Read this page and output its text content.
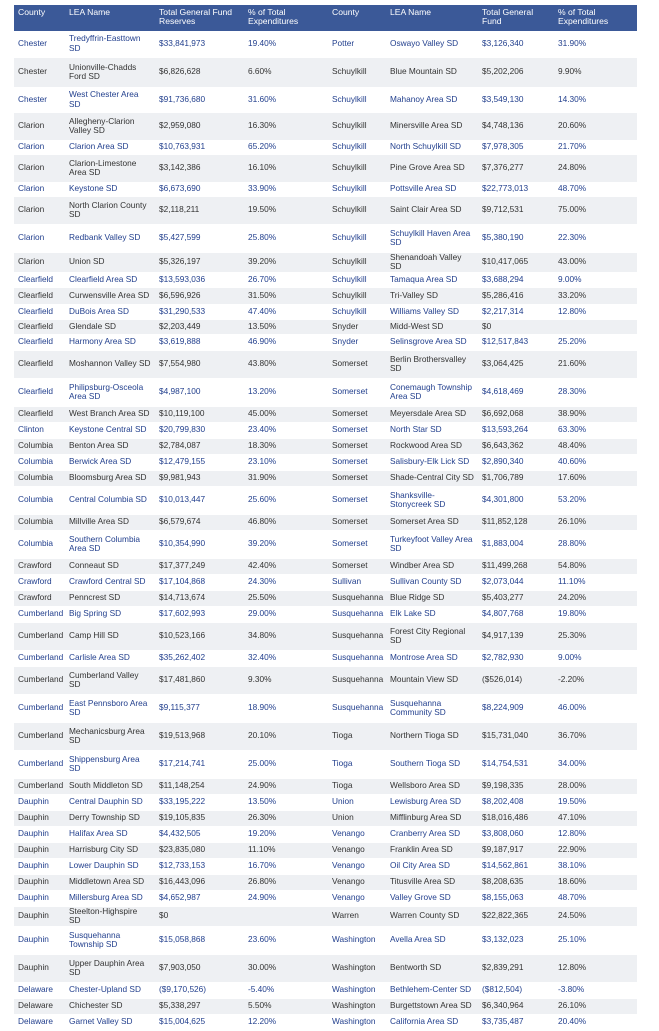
County	LEA Name	Total General Fund Reserves	% of Total Expenditures	County	LEA Name	Total General Fund	% of Total Expenditures
Chester	Tredyffrin-Easttown SD	$33,841,973	19.40%	Potter	Oswayo Valley SD	$3,126,340	31.90%
Chester	Unionville-Chadds Ford SD	$6,826,628	6.60%	Schuylkill	Blue Mountain SD	$5,202,206	9.90%
Chester	West Chester Area SD	$91,736,680	31.60%	Schuylkill	Mahanoy Area SD	$3,549,130	14.30%
Clarion	Allegheny-Clarion Valley SD	$2,959,080	16.30%	Schuylkill	Minersville Area SD	$4,748,136	20.60%
Clarion	Clarion Area SD	$10,763,931	65.20%	Schuylkill	North Schuylkill SD	$7,978,305	21.70%
Clarion	Clarion-Limestone Area SD	$3,142,386	16.10%	Schuylkill	Pine Grove Area SD	$7,376,277	24.80%
Clarion	Keystone SD	$6,673,690	33.90%	Schuylkill	Pottsville Area SD	$22,773,013	48.70%
Clarion	North Clarion County SD	$2,118,211	19.50%	Schuylkill	Saint Clair Area SD	$9,712,531	75.00%
Clarion	Redbank Valley SD	$5,427,599	25.80%	Schuylkill	Schuylkill Haven Area SD	$5,380,190	22.30%
Clarion	Union SD	$5,326,197	39.20%	Schuylkill	Shenandoah Valley SD	$10,417,065	43.00%
Clearfield	Clearfield Area SD	$13,593,036	26.70%	Schuylkill	Tamaqua Area SD	$3,688,294	9.00%
Clearfield	Curwensville Area SD	$6,596,926	31.50%	Schuylkill	Tri-Valley SD	$5,286,416	33.20%
Clearfield	DuBois Area SD	$31,290,533	47.40%	Schuylkill	Williams Valley SD	$2,217,314	12.80%
Clearfield	Glendale SD	$2,203,449	13.50%	Snyder	Midd-West SD	$0	
Clearfield	Harmony Area SD	$3,619,888	46.90%	Snyder	Selinsgrove Area SD	$12,517,843	25.20%
Clearfield	Moshannon Valley SD	$7,554,980	43.80%	Somerset	Berlin Brothersvalley SD	$3,064,425	21.60%
Clearfield	Philipsburg-Osceola Area SD	$4,987,100	13.20%	Somerset	Conemaugh Township Area SD	$4,618,469	28.30%
Clearfield	West Branch Area SD	$10,119,100	45.00%	Somerset	Meyersdale Area SD	$6,692,068	38.90%
Clinton	Keystone Central SD	$20,799,830	23.40%	Somerset	North Star SD	$13,593,264	63.30%
Columbia	Benton Area SD	$2,784,087	18.30%	Somerset	Rockwood Area SD	$6,643,362	48.40%
Columbia	Berwick Area SD	$12,479,155	23.10%	Somerset	Salisbury-Elk Lick SD	$2,890,340	40.60%
Columbia	Bloomsburg Area SD	$9,981,943	31.90%	Somerset	Shade-Central City SD	$1,706,789	17.60%
Columbia	Central Columbia SD	$10,013,447	25.60%	Somerset	Shanksville-Stonycreek SD	$4,301,800	53.20%
Columbia	Millville Area SD	$6,579,674	46.80%	Somerset	Somerset Area SD	$11,852,128	26.10%
Columbia	Southern Columbia Area SD	$10,354,990	39.20%	Somerset	Turkeyfoot Valley Area SD	$1,883,004	28.80%
Crawford	Conneaut SD	$17,377,249	42.40%	Somerset	Windber Area SD	$11,499,268	54.80%
Crawford	Crawford Central SD	$17,104,868	24.30%	Sullivan	Sullivan County SD	$2,073,044	11.10%
Crawford	Penncrest SD	$14,713,674	25.50%	Susquehanna	Blue Ridge SD	$5,403,277	24.20%
Cumberland	Big Spring SD	$17,602,993	29.00%	Susquehanna	Elk Lake SD	$4,807,768	19.80%
Cumberland	Camp Hill SD	$10,523,166	34.80%	Susquehanna	Forest City Regional SD	$4,917,139	25.30%
Cumberland	Carlisle Area SD	$35,262,402	32.40%	Susquehanna	Montrose Area SD	$2,782,930	9.00%
Cumberland	Cumberland Valley SD	$17,481,860	9.30%	Susquehanna	Mountain View SD	($526,014)	-2.20%
Cumberland	East Pennsboro Area SD	$9,115,377	18.90%	Susquehanna	Susquehanna Community SD	$8,224,909	46.00%
Cumberland	Mechanicsburg Area SD	$19,513,968	20.10%	Tioga	Northern Tioga SD	$15,731,040	36.70%
Cumberland	Shippensburg Area SD	$17,214,741	25.00%	Tioga	Southern Tioga SD	$14,754,531	34.00%
Cumberland	South Middleton SD	$11,148,254	24.90%	Tioga	Wellsboro Area SD	$9,198,335	28.00%
Dauphin	Central Dauphin SD	$33,195,222	13.50%	Union	Lewisburg Area SD	$8,202,408	19.50%
Dauphin	Derry Township SD	$19,105,835	26.30%	Union	Mifflinburg Area SD	$18,016,486	47.10%
Dauphin	Halifax Area SD	$4,432,505	19.20%	Venango	Cranberry Area SD	$3,808,060	12.80%
Dauphin	Harrisburg City SD	$23,835,080	11.10%	Venango	Franklin Area SD	$9,187,917	22.90%
Dauphin	Lower Dauphin SD	$12,733,153	16.70%	Venango	Oil City Area SD	$14,562,861	38.10%
Dauphin	Middletown Area SD	$16,443,096	26.80%	Venango	Titusville Area SD	$8,208,635	18.60%
Dauphin	Millersburg Area SD	$4,652,987	24.90%	Venango	Valley Grove SD	$8,155,063	48.70%
Dauphin	Steelton-Highspire SD	$0		Warren	Warren County SD	$22,822,365	24.50%
Dauphin	Susquehanna Township SD	$15,058,868	23.60%	Washington	Avella Area SD	$3,132,023	25.10%
Dauphin	Upper Dauphin Area SD	$7,903,050	30.00%	Washington	Bentworth SD	$2,839,291	12.80%
Delaware	Chester-Upland SD	($9,170,526)	-5.40%	Washington	Bethlehem-Center SD	($812,504)	-3.80%
Delaware	Chichester SD	$5,338,297	5.50%	Washington	Burgettstown Area SD	$6,340,964	26.10%
Delaware	Garnet Valley SD	$15,004,625	12.20%	Washington	California Area SD	$3,735,487	20.40%
